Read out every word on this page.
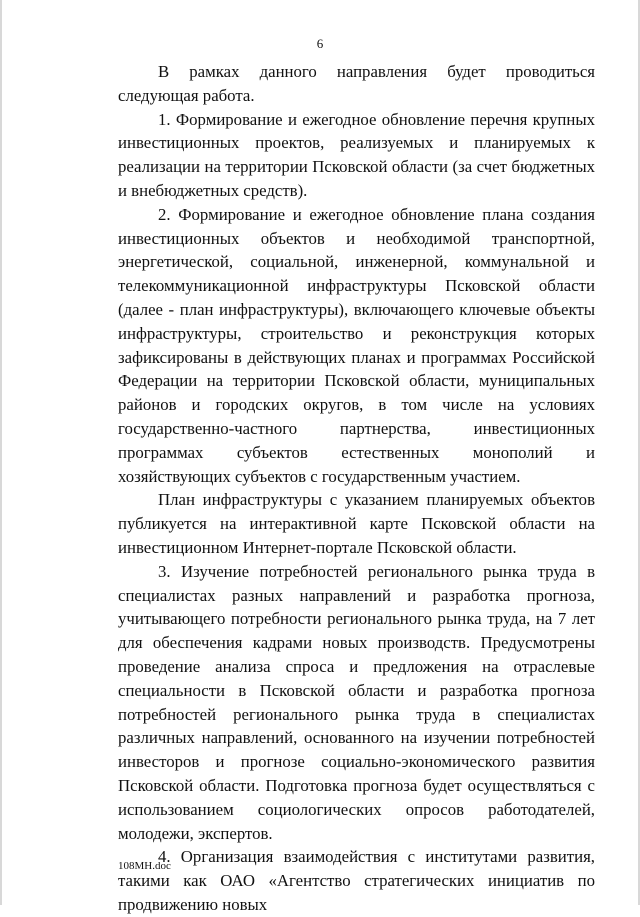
6

В рамках данного направления будет проводиться следующая работа.

1. Формирование и ежегодное обновление перечня крупных инвестиционных проектов, реализуемых и планируемых к реализации на территории Псковской области (за счет бюджетных и внебюджетных средств).

2. Формирование и ежегодное обновление плана создания инвестиционных объектов и необходимой транспортной, энергетической, социальной, инженерной, коммунальной и телекоммуникационной инфраструктуры Псковской области (далее - план инфраструктуры), включающего ключевые объекты инфраструктуры, строительство и реконструкция которых зафиксированы в действующих планах и программах Российской Федерации на территории Псковской области, муниципальных районов и городских округов, в том числе на условиях государственно-частного партнерства, инвестиционных программах субъектов естественных монополий и хозяйствующих субъектов с государственным участием.

План инфраструктуры с указанием планируемых объектов публикуется на интерактивной карте Псковской области на инвестиционном Интернет-портале Псковской области.

3. Изучение потребностей регионального рынка труда в специалистах разных направлений и разработка прогноза, учитывающего потребности регионального рынка труда, на 7 лет для обеспечения кадрами новых производств. Предусмотрены проведение анализа спроса и предложения на отраслевые специальности в Псковской области и разработка прогноза потребностей регионального рынка труда в специалистах различных направлений, основанного на изучении потребностей инвесторов и прогнозе социально-экономического развития Псковской области. Подготовка прогноза будет осуществляться с использованием социологических опросов работодателей, молодежи, экспертов.

4. Организация взаимодействия с институтами развития, такими как ОАО «Агентство стратегических инициатив по продвижению новых

108МН.doc
